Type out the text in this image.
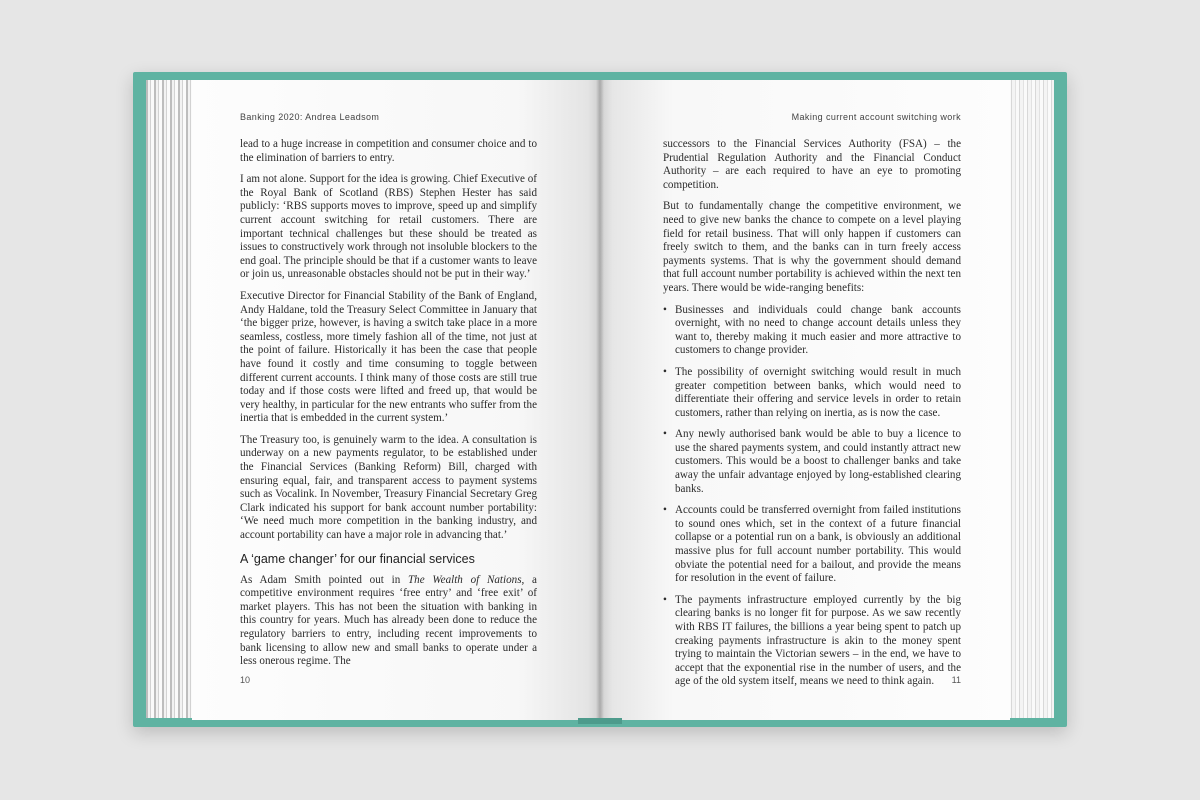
Banking 2020: Andrea Leadsom

lead to a huge increase in competition and consumer choice and to the elimination of barriers to entry.

I am not alone. Support for the idea is growing. Chief Executive of the Royal Bank of Scotland (RBS) Stephen Hester has said publicly: ‘RBS supports moves to improve, speed up and simplify current account switching for retail customers. There are important technical challenges but these should be treated as issues to constructively work through not insoluble blockers to the end goal. The principle should be that if a customer wants to leave or join us, unreasonable obstacles should not be put in their way.’

Executive Director for Financial Stability of the Bank of England, Andy Haldane, told the Treasury Select Committee in January that ‘the bigger prize, however, is having a switch take place in a more seamless, costless, more timely fashion all of the time, not just at the point of failure. Historically it has been the case that people have found it costly and time consuming to toggle between different current accounts. I think many of those costs are still true today and if those costs were lifted and freed up, that would be very healthy, in particular for the new entrants who suffer from the inertia that is embedded in the current system.’

The Treasury too, is genuinely warm to the idea. A consultation is underway on a new payments regulator, to be established under the Financial Services (Banking Reform) Bill, charged with ensuring equal, fair, and transparent access to payment systems such as Vocalink. In November, Treasury Financial Secretary Greg Clark indicated his support for bank account number portability: ‘We need much more competition in the banking industry, and account portability can have a major role in advancing that.’

A ‘game changer’ for our financial services

As Adam Smith pointed out in The Wealth of Nations, a competitive environment requires ‘free entry’ and ‘free exit’ of market players. This has not been the situation with banking in this country for years. Much has already been done to reduce the regulatory barriers to entry, including recent improvements to bank licensing to allow new and small banks to operate under a less onerous regime. The

10
Making current account switching work

successors to the Financial Services Authority (FSA) – the Prudential Regulation Authority and the Financial Conduct Authority – are each required to have an eye to promoting competition.

But to fundamentally change the competitive environment, we need to give new banks the chance to compete on a level playing field for retail business. That will only happen if customers can freely switch to them, and the banks can in turn freely access payments systems. That is why the government should demand that full account number portability is achieved within the next ten years. There would be wide-ranging benefits:

• Businesses and individuals could change bank accounts overnight, with no need to change account details unless they want to, thereby making it much easier and more attractive to customers to change provider.
• The possibility of overnight switching would result in much greater competition between banks, which would need to differentiate their offering and service levels in order to retain customers, rather than relying on inertia, as is now the case.
• Any newly authorised bank would be able to buy a licence to use the shared payments system, and could instantly attract new customers. This would be a boost to challenger banks and take away the unfair advantage enjoyed by long-established clearing banks.
• Accounts could be transferred overnight from failed institutions to sound ones which, set in the context of a future financial collapse or a potential run on a bank, is obviously an additional massive plus for full account number portability. This would obviate the potential need for a bailout, and provide the means for resolution in the event of failure.
• The payments infrastructure employed currently by the big clearing banks is no longer fit for purpose. As we saw recently with RBS IT failures, the billions a year being spent to patch up creaking payments infrastructure is akin to the money spent trying to maintain the Victorian sewers – in the end, we have to accept that the exponential rise in the number of users, and the age of the old system itself, means we need to think again.	11
